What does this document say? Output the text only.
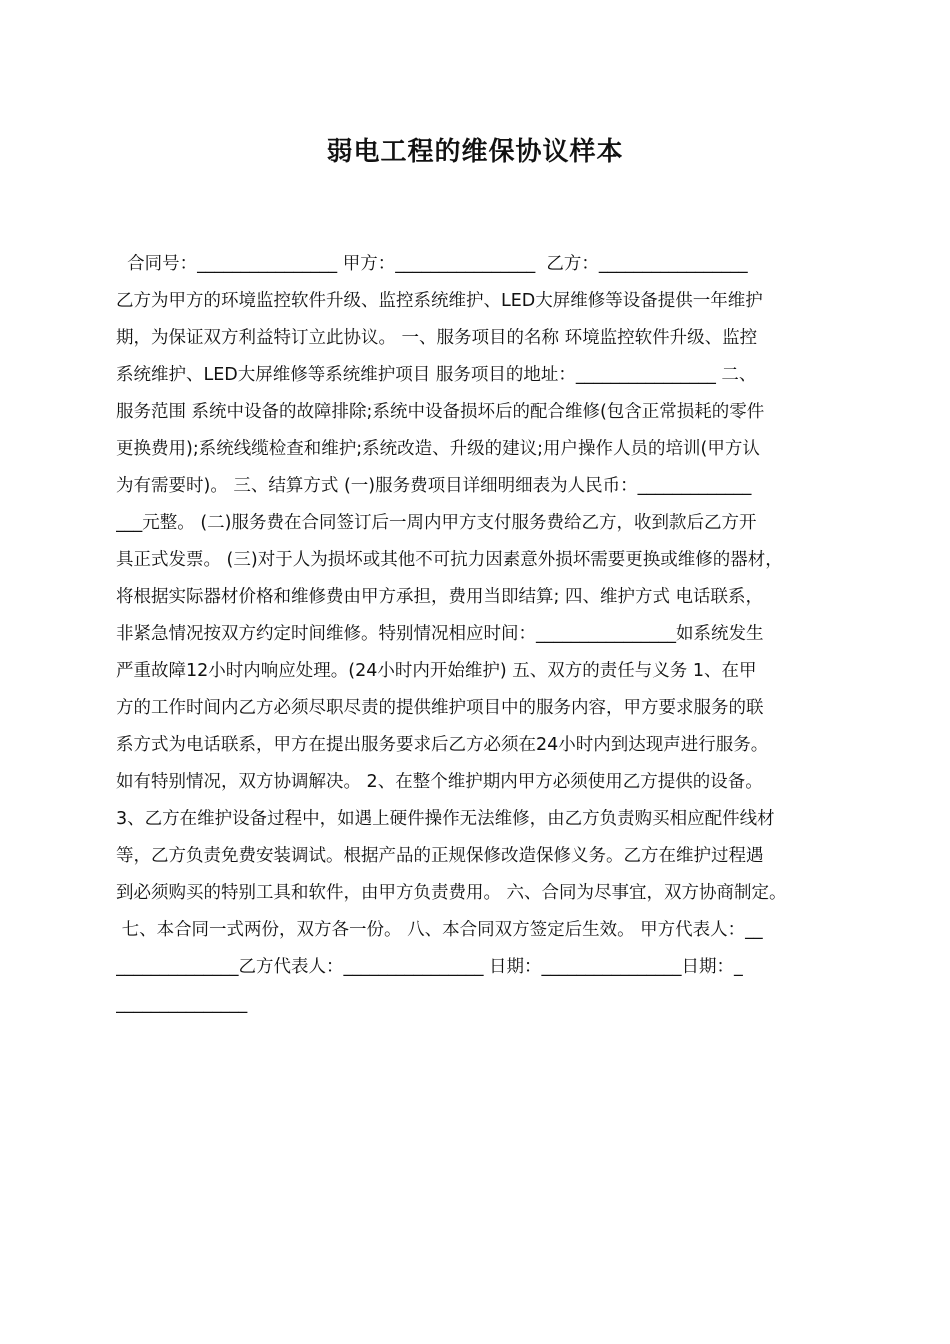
弱电工程的维保协议样本
合同号：________________ 甲方：________________  乙方：_________________
乙方为甲方的环境监控软件升级、监控系统维护、LED大屏维修等设备提供一年维护
期，为保证双方利益特订立此协议。 一、服务项目的名称 环境监控软件升级、监控
系统维护、LED大屏维修等系统维护项目 服务项目的地址：________________ 二、
服务范围 系统中设备的故障排除;系统中设备损坏后的配合维修(包含正常损耗的零件
更换费用);系统线缆检查和维护;系统改造、升级的建议;用户操作人员的培训(甲方认
为有需要时)。 三、结算方式 (一)服务费项目详细明细表为人民币：_____________
___元整。 (二)服务费在合同签订后一周内甲方支付服务费给乙方，收到款后乙方开
具正式发票。 (三)对于人为损坏或其他不可抗力因素意外损坏需要更换或维修的器材，
将根据实际器材价格和维修费由甲方承担，费用当即结算; 四、维护方式 电话联系，
非紧急情况按双方约定时间维修。特别情况相应时间：________________如系统发生
严重故障12小时内响应处理。(24小时内开始维护) 五、双方的责任与义务 1、在甲
方的工作时间内乙方必须尽职尽责的提供维护项目中的服务内容，甲方要求服务的联
系方式为电话联系，甲方在提出服务要求后乙方必须在24小时内到达现声进行服务。
如有特别情况，双方协调解决。 2、在整个维护期内甲方必须使用乙方提供的设备。
3、乙方在维护设备过程中，如遇上硬件操作无法维修，由乙方负责购买相应配件线材
等，乙方负责免费安装调试。根据产品的正规保修改造保修义务。乙方在维护过程遇
到必须购买的特别工具和软件，由甲方负责费用。 六、合同为尽事宜，双方协商制定。
七、本合同一式两份，双方各一份。 八、本合同双方签定后生效。 甲方代表人：__
______________乙方代表人：________________ 日期：________________日期：_
_______________
